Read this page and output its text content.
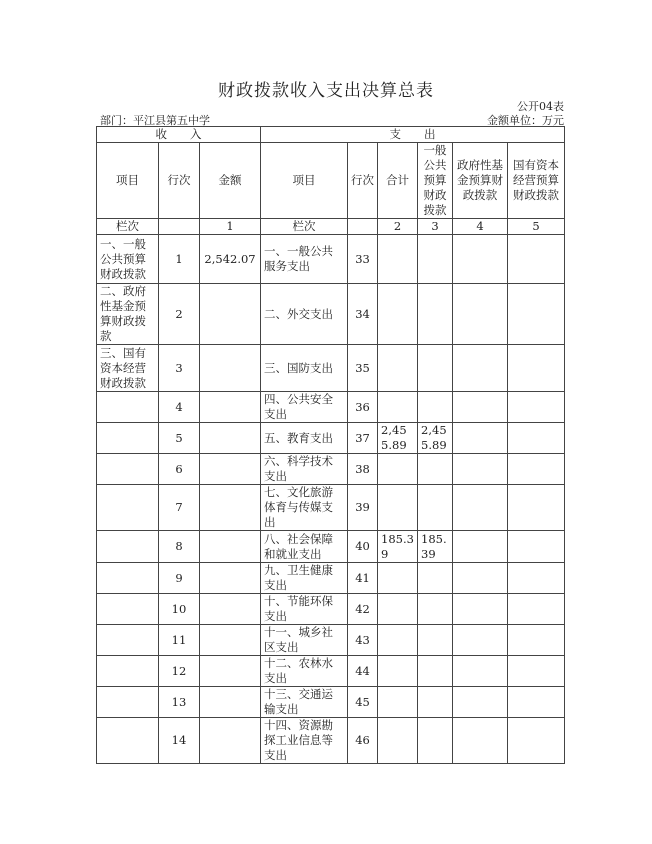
财政拨款收入支出决算总表
公开04表
部门：平江县第五中学	金额单位：万元
收　　入			支　　出					
项目	行次	金额	项目	行次	合计	一般公共预算财政拨款	政府性基金预算财政拨款	国有资本经营预算财政拨款
栏次		1	栏次		2	3	4	5
一、一般公共预算财政拨款	1	2,542.07	一、一般公共服务支出	33				
二、政府性基金预算财政拨款	2		二、外交支出	34				
三、国有资本经营财政拨款	3		三、国防支出	35				
	4		四、公共安全支出	36				
	5		五、教育支出	37	2,455.89	2,455.89		
	6		六、科学技术支出	38				
	7		七、文化旅游体育与传媒支出	39				
	8		八、社会保障和就业支出	40	185.39	185.39		
	9		九、卫生健康支出	41				
	10		十、节能环保支出	42				
	11		十一、城乡社区支出	43				
	12		十二、农林水支出	44				
	13		十三、交通运输支出	45				
	14		十四、资源勘探工业信息等支出	46				
